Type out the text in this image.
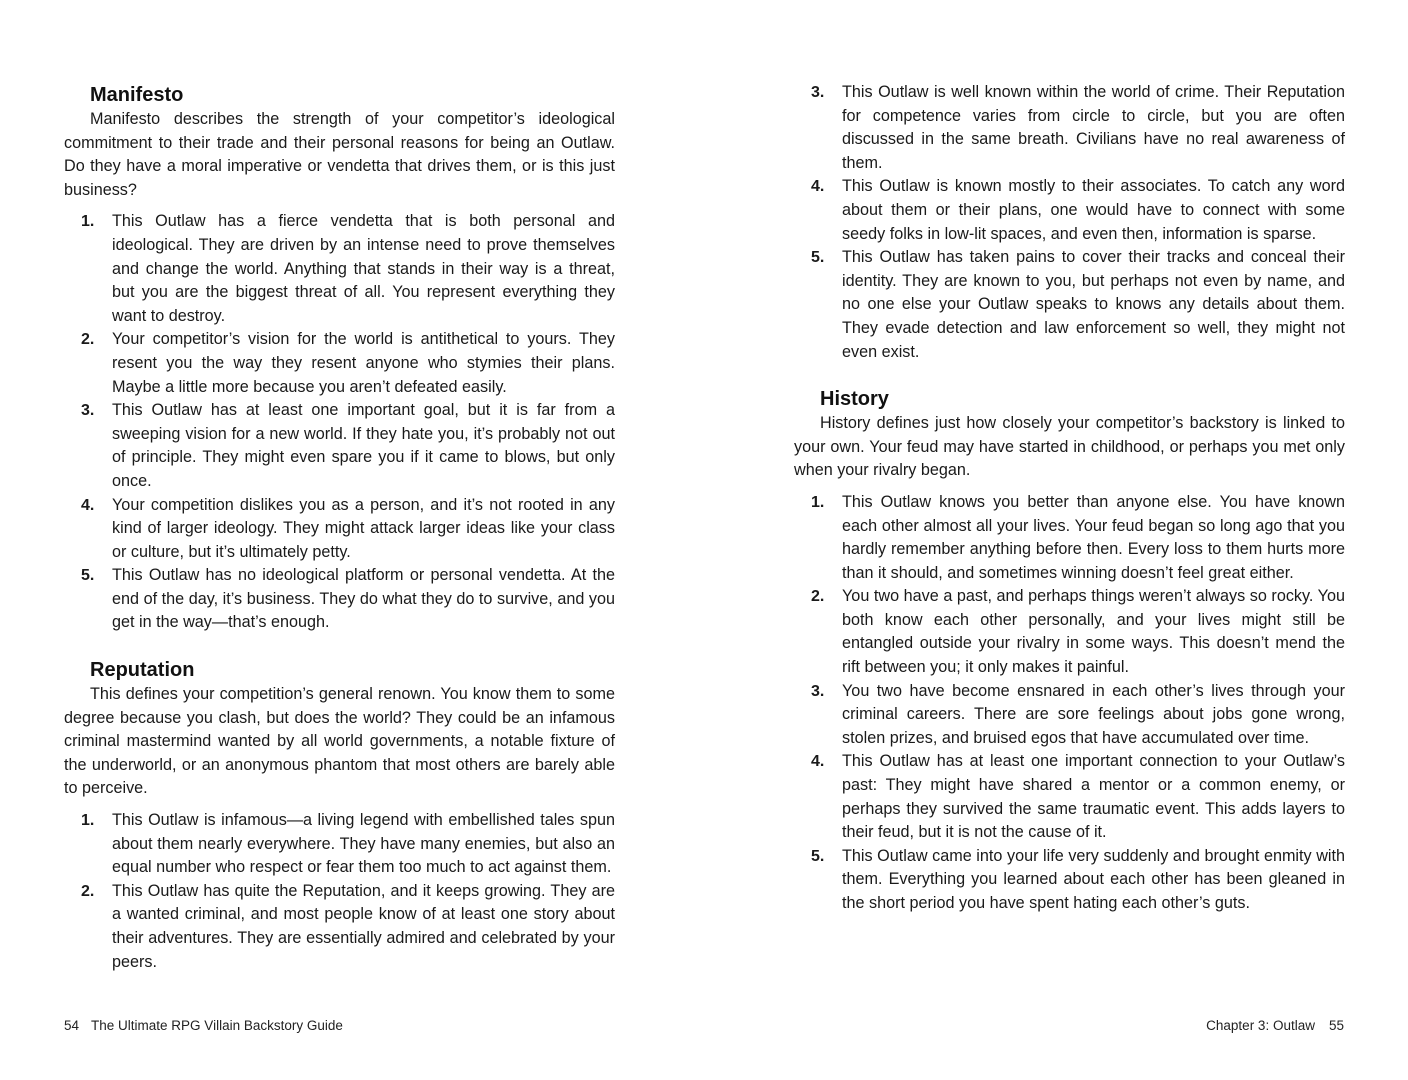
Manifesto

Manifesto describes the strength of your competitor’s ideological commitment to their trade and their personal reasons for being an Outlaw. Do they have a moral imperative or vendetta that drives them, or is this just business?

1. This Outlaw has a fierce vendetta that is both personal and ideological. They are driven by an intense need to prove themselves and change the world. Anything that stands in their way is a threat, but you are the biggest threat of all. You represent everything they want to destroy.
2. Your competitor’s vision for the world is antithetical to yours. They resent you the way they resent anyone who stymies their plans. Maybe a little more because you aren’t defeated easily.
3. This Outlaw has at least one important goal, but it is far from a sweeping vision for a new world. If they hate you, it’s probably not out of principle. They might even spare you if it came to blows, but only once.
4. Your competition dislikes you as a person, and it’s not rooted in any kind of larger ideology. They might attack larger ideas like your class or culture, but it’s ultimately petty.
5. This Outlaw has no ideological platform or personal vendetta. At the end of the day, it’s business. They do what they do to survive, and you get in the way—that’s enough.
Reputation

This defines your competition’s general renown. You know them to some degree because you clash, but does the world? They could be an infamous criminal mastermind wanted by all world governments, a notable fixture of the underworld, or an anonymous phantom that most others are barely able to perceive.

1. This Outlaw is infamous—a living legend with embellished tales spun about them nearly everywhere. They have many enemies, but also an equal number who respect or fear them too much to act against them.
2. This Outlaw has quite the Reputation, and it keeps growing. They are a wanted criminal, and most people know of at least one story about their adventures. They are essentially admired and celebrated by your peers.
54 The Ultimate RPG Villain Backstory Guide
3. This Outlaw is well known within the world of crime. Their Reputation for competence varies from circle to circle, but you are often discussed in the same breath. Civilians have no real awareness of them.
4. This Outlaw is known mostly to their associates. To catch any word about them or their plans, one would have to connect with some seedy folks in low-lit spaces, and even then, information is sparse.
5. This Outlaw has taken pains to cover their tracks and conceal their identity. They are known to you, but perhaps not even by name, and no one else your Outlaw speaks to knows any details about them. They evade detection and law enforcement so well, they might not even exist.
History

History defines just how closely your competitor’s backstory is linked to your own. Your feud may have started in childhood, or perhaps you met only when your rivalry began.

1. This Outlaw knows you better than anyone else. You have known each other almost all your lives. Your feud began so long ago that you hardly remember anything before then. Every loss to them hurts more than it should, and sometimes winning doesn’t feel great either.
2. You two have a past, and perhaps things weren’t always so rocky. You both know each other personally, and your lives might still be entangled outside your rivalry in some ways. This doesn’t mend the rift between you; it only makes it painful.
3. You two have become ensnared in each other’s lives through your criminal careers. There are sore feelings about jobs gone wrong, stolen prizes, and bruised egos that have accumulated over time.
4. This Outlaw has at least one important connection to your Outlaw’s past: They might have shared a mentor or a common enemy, or perhaps they survived the same traumatic event. This adds layers to their feud, but it is not the cause of it.
5. This Outlaw came into your life very suddenly and brought enmity with them. Everything you learned about each other has been gleaned in the short period you have spent hating each other’s guts.
Chapter 3: Outlaw 55
